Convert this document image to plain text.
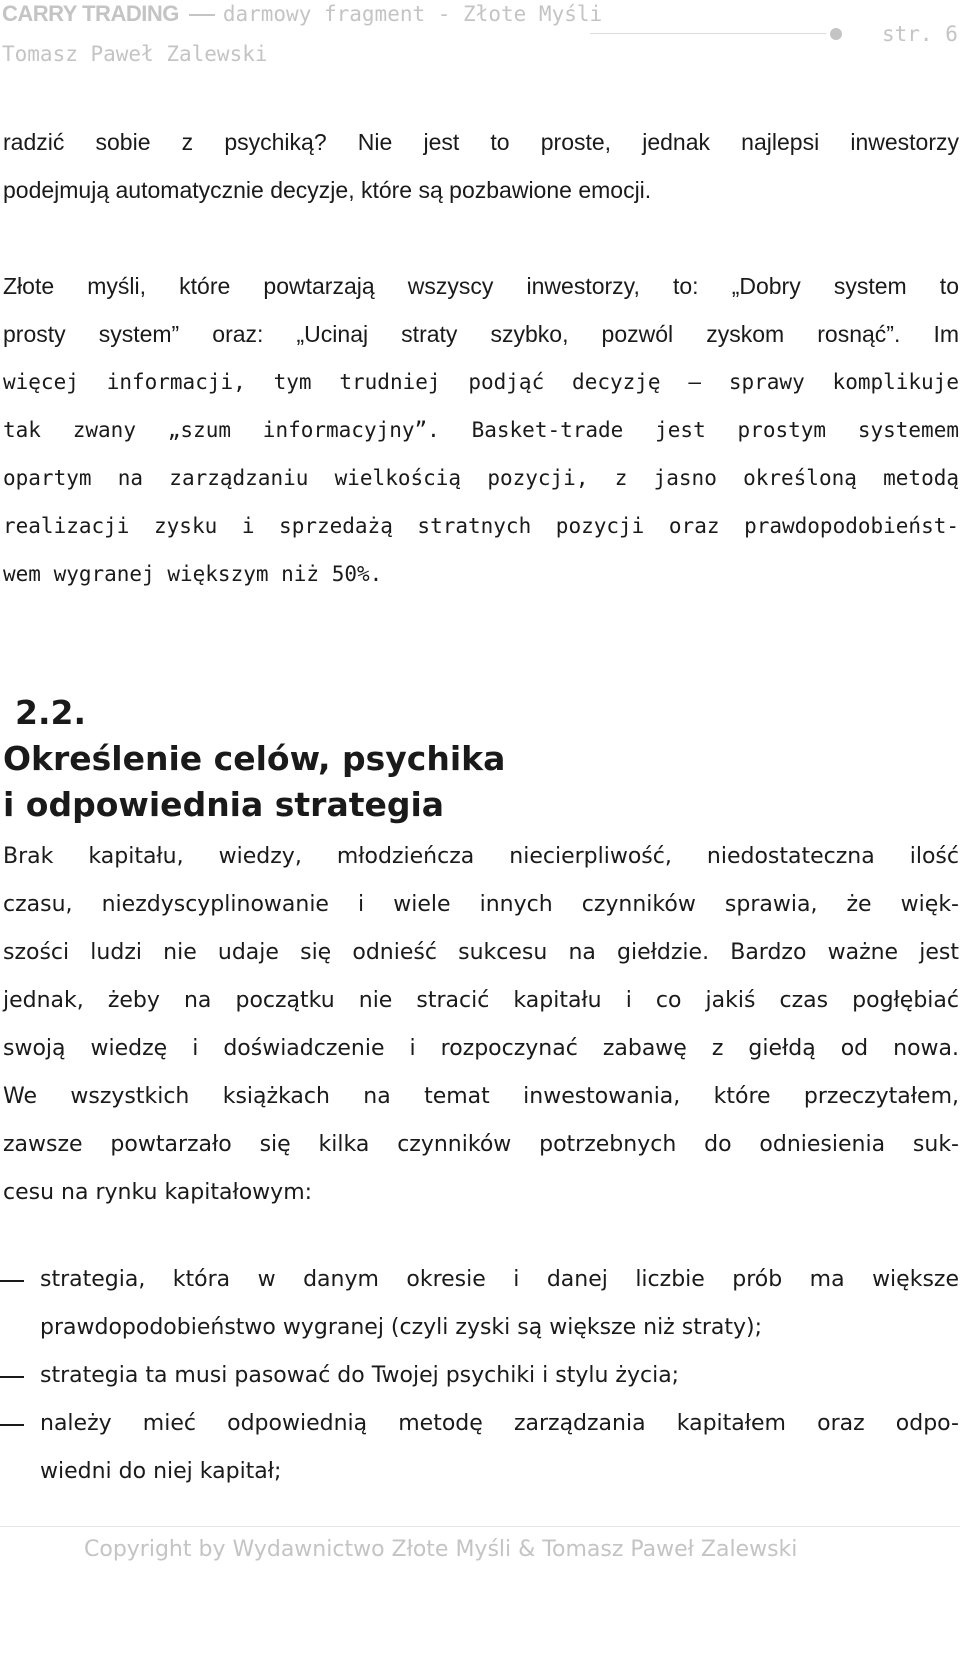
CARRY TRADING darmowy fragment - Złote Myśli
Tomasz Paweł Zalewski
str. 6
radzić sobie z psychiką? Nie jest to proste, jednak najlepsi inwestorzy
podejmują automatycznie decyzje, które są pozbawione emocji.
Złote myśli, które powtarzają wszyscy inwestorzy, to: „Dobry system to
prosty system” oraz: „Ucinaj straty szybko, pozwól zyskom rosnąć”. Im
więcej informacji, tym trudniej podjąć decyzję — sprawy komplikuje
tak zwany „szum informacyjny”. Basket-trade jest prostym systemem
opartym na zarządzaniu wielkością pozycji, z jasno określoną metodą
realizacji zysku i sprzedażą stratnych pozycji oraz prawdopodobieńst-
wem wygranej większym niż 50%.
2.2.
Określenie celów, psychika
i odpowiednia strategia
Brak kapitału, wiedzy, młodzieńcza niecierpliwość, niedostateczna ilość
czasu, niezdyscyplinowanie i wiele innych czynników sprawia, że więk-
szości ludzi nie udaje się odnieść sukcesu na giełdzie. Bardzo ważne jest
jednak, żeby na początku nie stracić kapitału i co jakiś czas pogłębiać
swoją wiedzę i doświadczenie i rozpoczynać zabawę z giełdą od nowa.
We wszystkich książkach na temat inwestowania, które przeczytałem,
zawsze powtarzało się kilka czynników potrzebnych do odniesienia suk-
cesu na rynku kapitałowym:
strategia, która w danym okresie i danej liczbie prób ma większe
prawdopodobieństwo wygranej (czyli zyski są większe niż straty);
strategia ta musi pasować do Twojej psychiki i stylu życia;
należy mieć odpowiednią metodę zarządzania kapitałem oraz odpo-
wiedni do niej kapitał;
Copyright by Wydawnictwo Złote Myśli & Tomasz Paweł Zalewski
